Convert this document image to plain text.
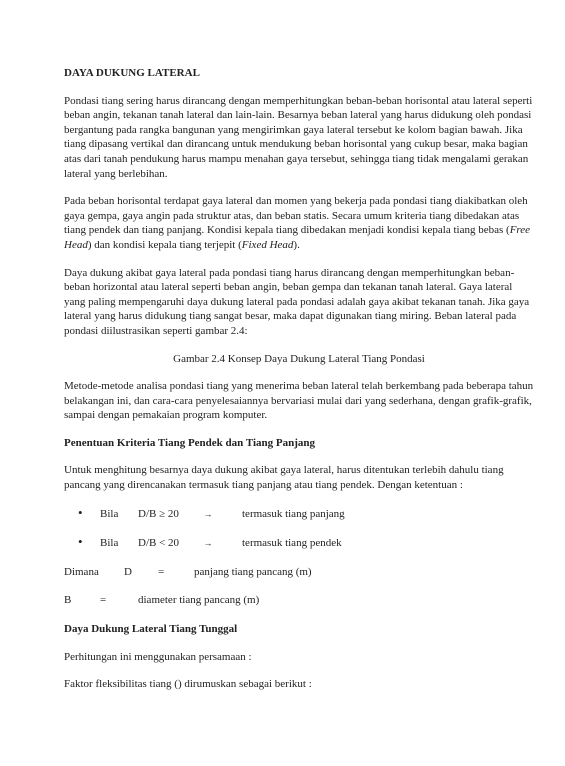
DAYA DUKUNG LATERAL

Pondasi tiang sering harus dirancang dengan memperhitungkan beban-beban horisontal atau lateral seperti beban angin, tekanan tanah lateral dan lain-lain. Besarnya beban lateral yang harus didukung oleh pondasi bergantung pada rangka bangunan yang mengirimkan gaya lateral tersebut ke kolom bagian bawah. Jika tiang dipasang vertikal dan dirancang untuk mendukung beban horisontal yang cukup besar, maka bagian atas dari tanah pendukung harus mampu menahan gaya tersebut, sehingga tiang tidak mengalami gerakan lateral yang berlebihan.

Pada beban horisontal terdapat gaya lateral dan momen yang bekerja pada pondasi tiang diakibatkan oleh gaya gempa, gaya angin pada struktur atas, dan beban statis. Secara umum kriteria tiang dibedakan atas tiang pendek dan tiang panjang. Kondisi kepala tiang dibedakan menjadi kondisi kepala tiang bebas (Free Head) dan kondisi kepala tiang terjepit (Fixed Head).

Daya dukung akibat gaya lateral pada pondasi tiang harus dirancang dengan memperhitungkan beban-beban horizontal atau lateral seperti beban angin, beban gempa dan tekanan tanah lateral. Gaya lateral yang paling mempengaruhi daya dukung lateral pada pondasi adalah gaya akibat tekanan tanah. Jika gaya lateral yang harus didukung tiang sangat besar, maka dapat digunakan tiang miring. Beban lateral pada pondasi diilustrasikan seperti gambar 2.4:

Gambar 2.4 Konsep Daya Dukung Lateral Tiang Pondasi

Metode-metode analisa pondasi tiang yang menerima beban lateral telah berkembang pada beberapa tahun belakangan ini, dan cara-cara penyelesaiannya bervariasi mulai dari yang sederhana, dengan grafik-grafik, sampai dengan pemakaian program komputer.

Penentuan Kriteria Tiang Pendek dan Tiang Panjang

Untuk menghitung besarnya daya dukung akibat gaya lateral, harus ditentukan terlebih dahulu tiang pancang yang direncanakan termasuk tiang panjang atau tiang pendek. Dengan ketentuan :

•	Bila	D/B ≥ 20	→	termasuk tiang panjang
•	Bila	D/B < 20	→	termasuk tiang pendek
Dimana	D	=	panjang tiang pancang (m)
B	=	diameter tiang pancang (m)
Daya Dukung Lateral Tiang Tunggal

Perhitungan ini menggunakan persamaan :

Faktor fleksibilitas tiang () dirumuskan sebagai berikut :
